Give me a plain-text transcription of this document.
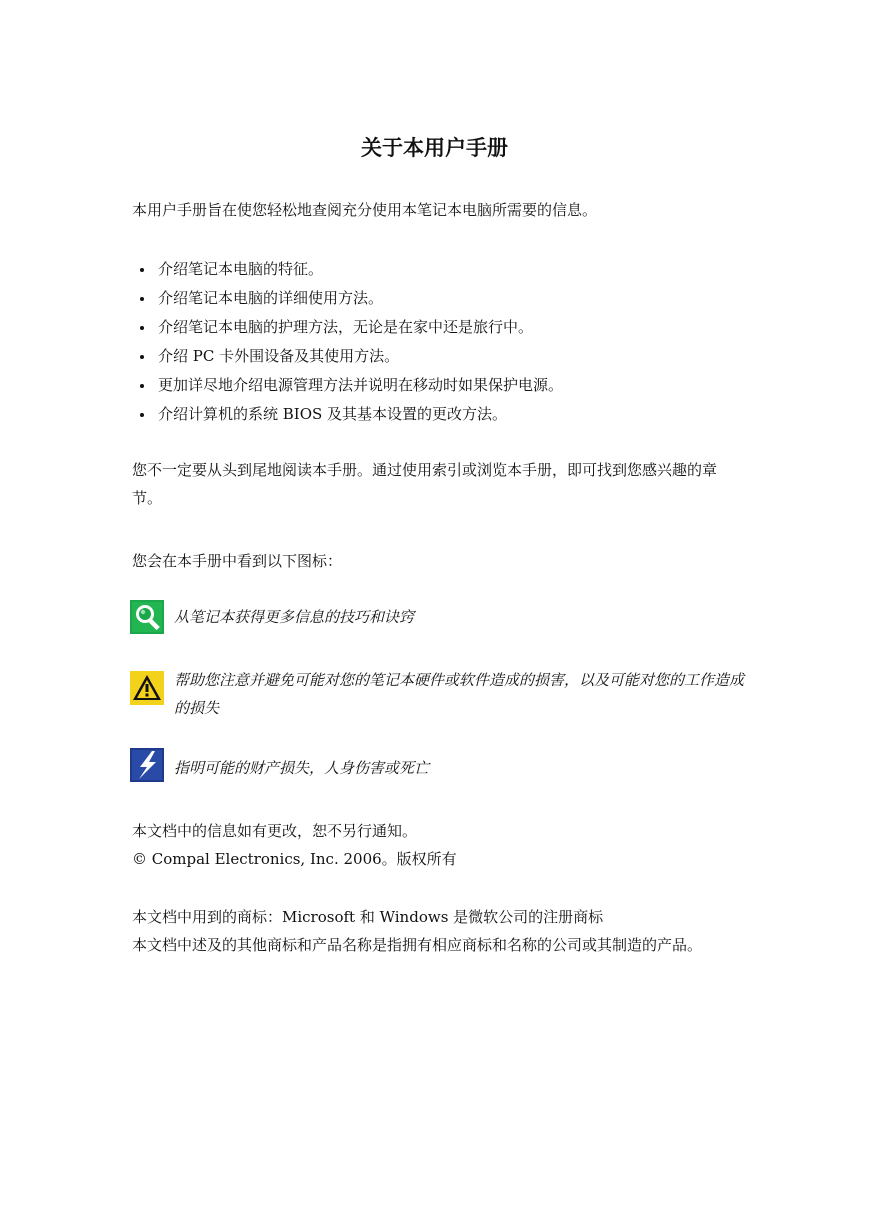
关于本用户手册
本用户手册旨在使您轻松地查阅充分使用本笔记本电脑所需要的信息。
介绍笔记本电脑的特征。
介绍笔记本电脑的详细使用方法。
介绍笔记本电脑的护理方法，无论是在家中还是旅行中。
介绍 PC 卡外围设备及其使用方法。
更加详尽地介绍电源管理方法并说明在移动时如果保护电源。
介绍计算机的系统 BIOS 及其基本设置的更改方法。
您不一定要从头到尾地阅读本手册。通过使用索引或浏览本手册，即可找到您感兴趣的章节。
您会在本手册中看到以下图标：
从笔记本获得更多信息的技巧和诀窍
帮助您注意并避免可能对您的笔记本硬件或软件造成的损害，以及可能对您的工作造成的损失
指明可能的财产损失，人身伤害或死亡
本文档中的信息如有更改，恕不另行通知。
© Compal Electronics, Inc. 2006。版权所有
本文档中用到的商标：Microsoft 和 Windows 是微软公司的注册商标
本文档中述及的其他商标和产品名称是指拥有相应商标和名称的公司或其制造的产品。
